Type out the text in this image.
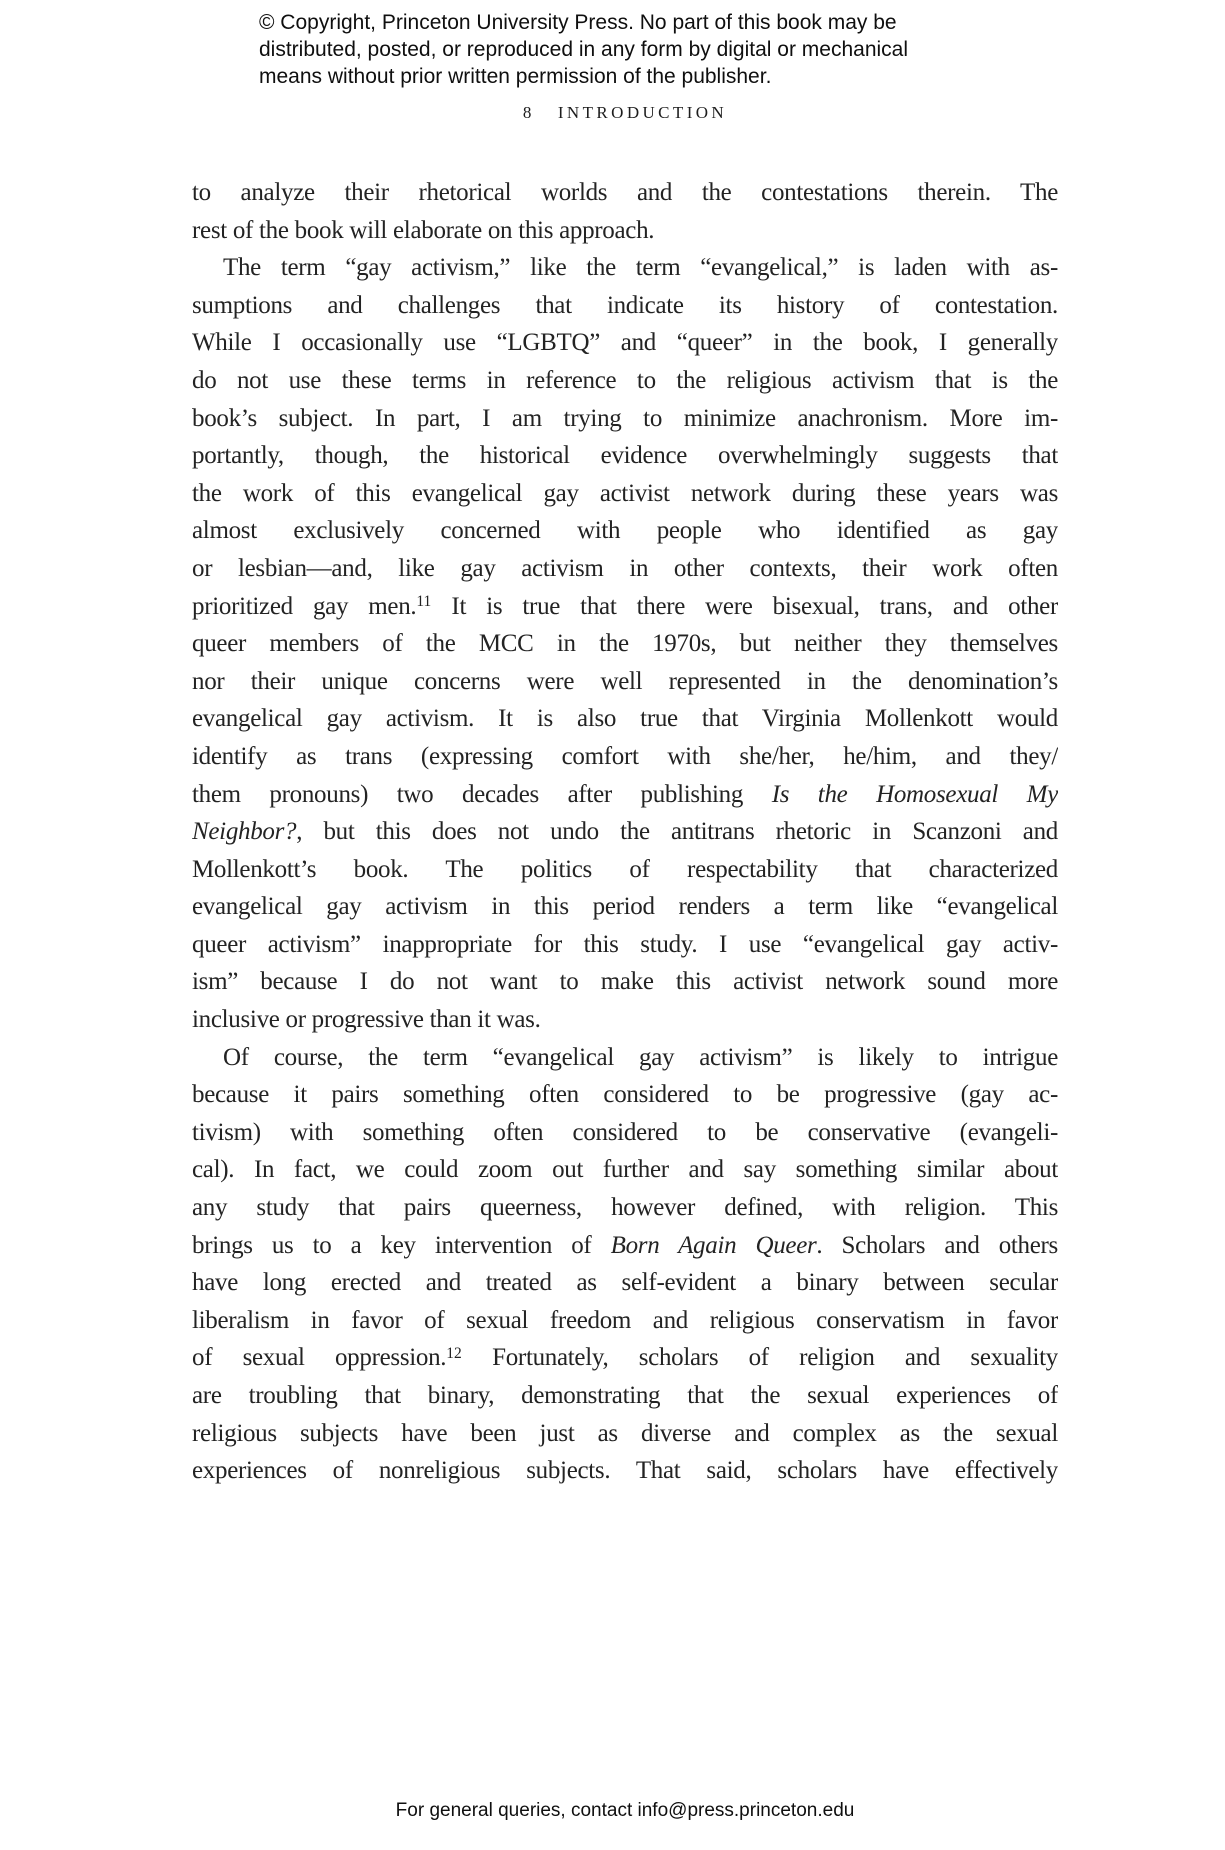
© Copyright, Princeton University Press. No part of this book may be
distributed, posted, or reproduced in any form by digital or mechanical
means without prior written permission of the publisher.
8 INTRODUCTION
to analyze their rhetorical worlds and the contestations therein. The
rest of the book will elaborate on this approach.
The term “gay activism,” like the term “evangelical,” is laden with as-
sumptions and challenges that indicate its history of contestation.
While I occasionally use “LGBTQ” and “queer” in the book, I generally
do not use these terms in reference to the religious activism that is the
book’s subject. In part, I am trying to minimize anachronism. More im-
portantly, though, the historical evidence overwhelmingly suggests that
the work of this evangelical gay activist network during these years was
almost exclusively concerned with people who identified as gay
or lesbian—and, like gay activism in other contexts, their work often
prioritized gay men.$^{11}$ It is true that there were bisexual, trans, and other
queer members of the MCC in the 1970s, but neither they themselves
nor their unique concerns were well represented in the denomination’s
evangelical gay activism. It is also true that Virginia Mollenkott would
identify as trans (expressing comfort with she/her, he/him, and they/
them pronouns) two decades after publishing Is the Homosexual My
Neighbor?, but this does not undo the antitrans rhetoric in Scanzoni and
Mollenkott’s book. The politics of respectability that characterized
evangelical gay activism in this period renders a term like “evangelical
queer activism” inappropriate for this study. I use “evangelical gay activ-
ism” because I do not want to make this activist network sound more
inclusive or progressive than it was.
Of course, the term “evangelical gay activism” is likely to intrigue
because it pairs something often considered to be progressive (gay ac-
tivism) with something often considered to be conservative (evangeli-
cal). In fact, we could zoom out further and say something similar about
any study that pairs queerness, however defined, with religion. This
brings us to a key intervention of Born Again Queer. Scholars and others
have long erected and treated as self-evident a binary between secular
liberalism in favor of sexual freedom and religious conservatism in favor
of sexual oppression.$^{12}$ Fortunately, scholars of religion and sexuality
are troubling that binary, demonstrating that the sexual experiences of
religious subjects have been just as diverse and complex as the sexual
experiences of nonreligious subjects. That said, scholars have effectively
For general queries, contact info@press.princeton.edu
